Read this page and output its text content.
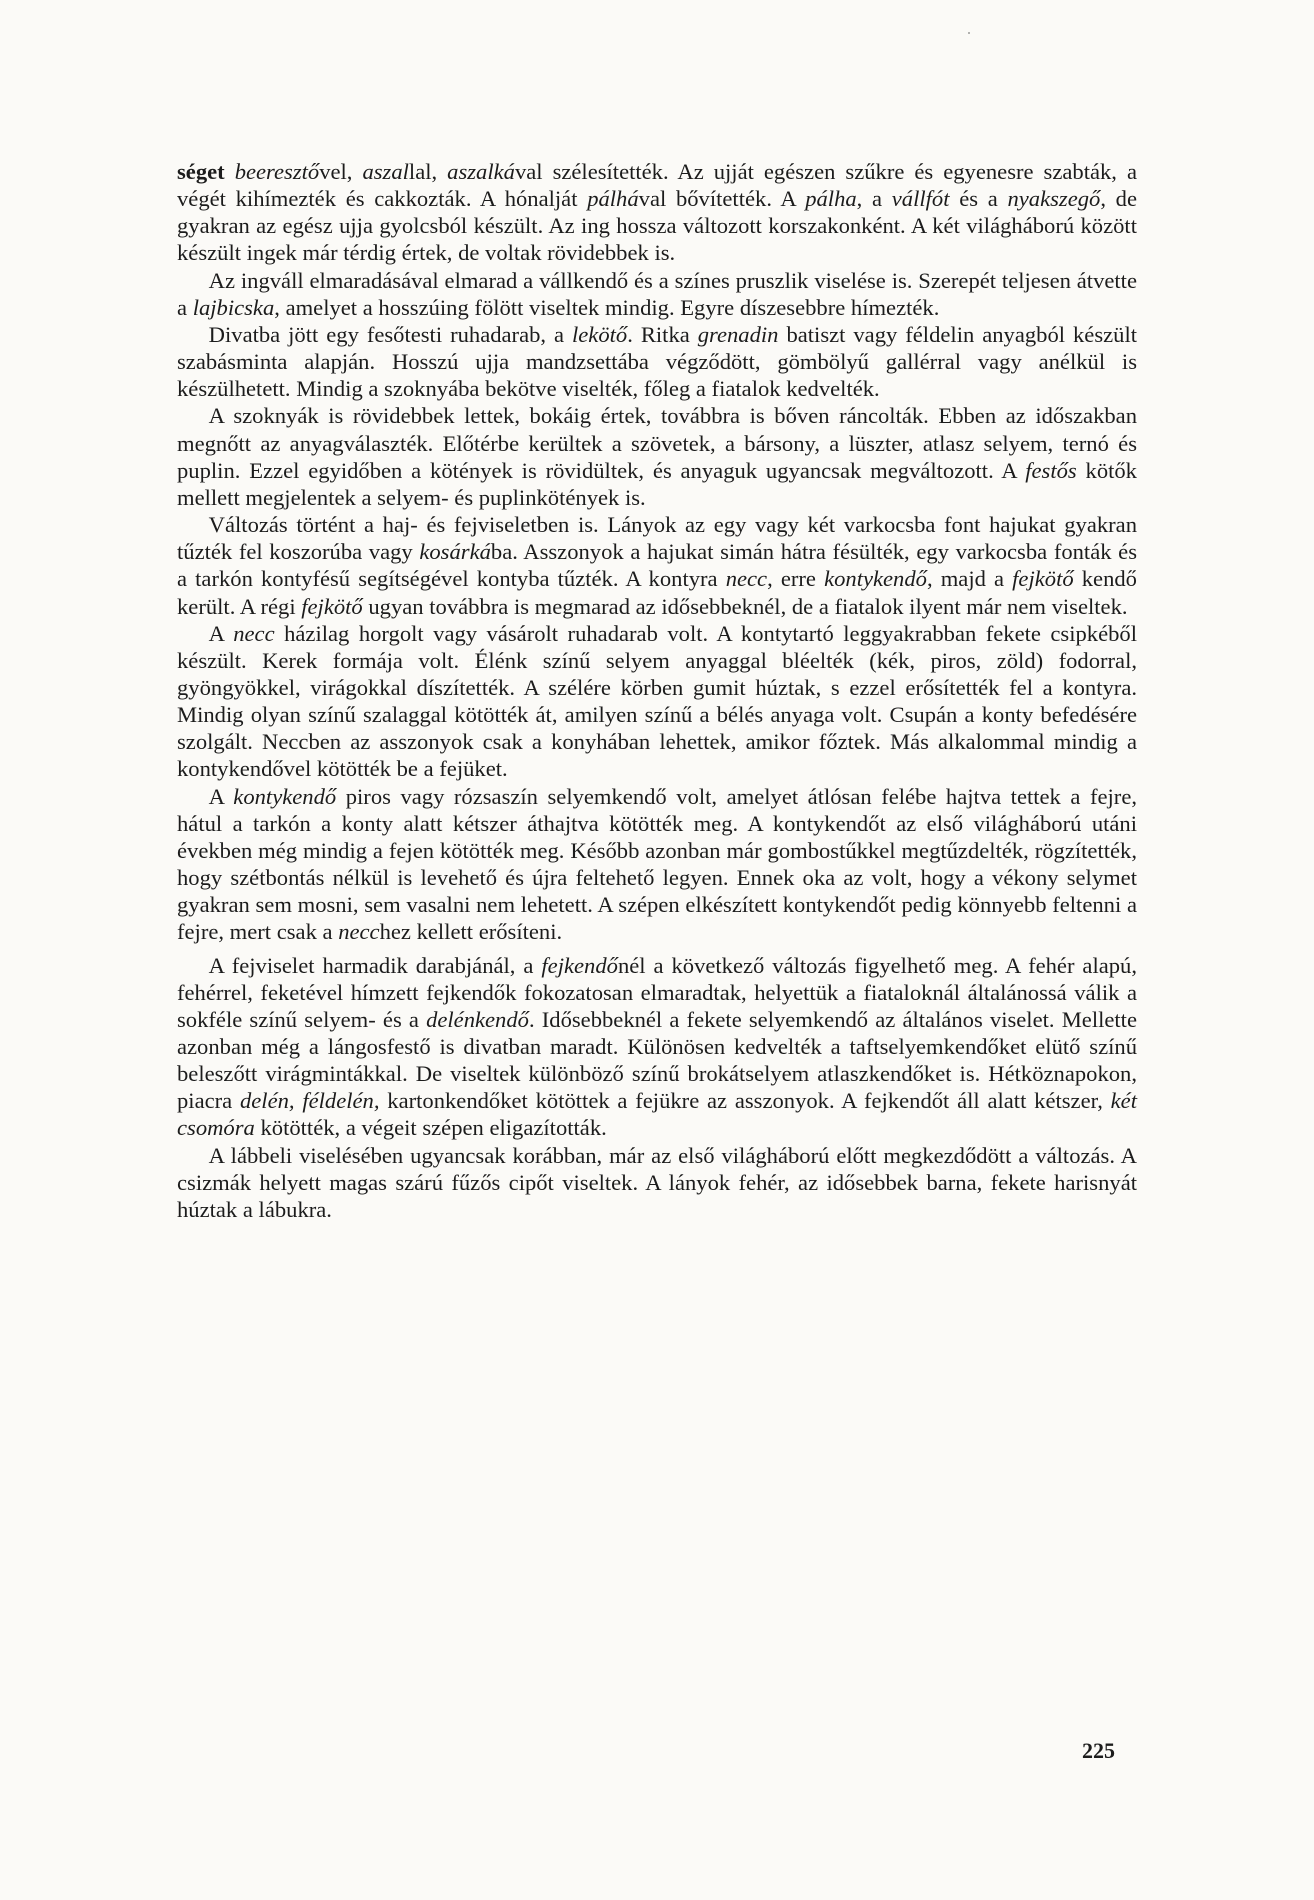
séget beeresztővel, aszallal, aszalkával szélesítették. Az ujját egészen szűkre és egyenesre szabták, a végét kihímezték és cakkozták. A hónalját pálhával bővítették. A pálha, a vállfót és a nyakszegő, de gyakran az egész ujja gyolcsból készült. Az ing hossza változott korszakonként. A két világháború között készült ingek már térdig értek, de voltak rövidebbek is.

Az ingváll elmaradásával elmarad a vállkendő és a színes pruszlik viselése is. Szerepét teljesen átvette a lajbicska, amelyet a hosszúing fölött viseltek mindig. Egyre díszesebbre hímezték.

Divatba jött egy fesőtesti ruhadarab, a lekötő. Ritka grenadin batiszt vagy féldelin anyagból készült szabásminta alapján. Hosszú ujja mandzsettába végződött, gömbölyű gallérral vagy anélkül is készülhetett. Mindig a szoknyába bekötve viselték, főleg a fiatalok kedvelték.

A szoknyák is rövidebbek lettek, bokáig értek, továbbra is bőven ráncolták. Ebben az időszakban megnőtt az anyagválaszték. Előtérbe kerültek a szövetek, a bársony, a lüszter, atlasz selyem, ternó és puplin. Ezzel egyidőben a kötények is rövidültek, és anyaguk ugyancsak megváltozott. A festős kötők mellett megjelentek a selyem- és puplinkötények is.

Változás történt a haj- és fejviseletben is. Lányok az egy vagy két varkocsba font hajukat gyakran tűzték fel koszorúba vagy kosárkába. Asszonyok a hajukat simán hátra fésülték, egy varkocsba fonták és a tarkón kontyfésű segítségével kontyba tűzték. A kontyra necc, erre kontykendő, majd a fejkötő kendő került. A régi fejkötő ugyan továbbra is megmarad az idősebbeknél, de a fiatalok ilyent már nem viseltek.

A necc házilag horgolt vagy vásárolt ruhadarab volt. A kontytartó leggyakrabban fekete csipkéből készült. Kerek formája volt. Élénk színű selyem anyaggal bléelték (kék, piros, zöld) fodorral, gyöngyökkel, virágokkal díszítették. A szélére körben gumit húztak, s ezzel erősítették fel a kontyra. Mindig olyan színű szalaggal kötötték át, amilyen színű a bélés anyaga volt. Csupán a konty befedésére szolgált. Neccben az asszonyok csak a konyhában lehettek, amikor főztek. Más alkalommal mindig a kontykendővel kötötték be a fejüket.

A kontykendő piros vagy rózsaszín selyemkendő volt, amelyet átlósan felébe hajtva tettek a fejre, hátul a tarkón a konty alatt kétszer áthajtva kötötték meg. A kontykendőt az első világháború utáni években még mindig a fejen kötötték meg. Később azonban már gombostűkkel megtűzdelték, rögzítették, hogy szétbontás nélkül is levehető és újra feltehető legyen. Ennek oka az volt, hogy a vékony selymet gyakran sem mosni, sem vasalni nem lehetett. A szépen elkészített kontykendőt pedig könnyebb feltenni a fejre, mert csak a necchez kellett erősíteni.

A fejviselet harmadik darabjánál, a fejkendőnél a következő változás figyelhető meg. A fehér alapú, fehérrel, feketével hímzett fejkendők fokozatosan elmaradtak, helyettük a fiataloknál általánossá válik a sokféle színű selyem- és a delénkendő. Idősebbeknél a fekete selyemkendő az általános viselet. Mellette azonban még a lángosfestő is divatban maradt. Különösen kedvelték a taftselyemkendőket elütő színű beleszőtt virágmintákkal. De viseltek különböző színű brokátselyem atlaszkendőket is. Hétköznapokon, piacra delén, féldelén, kartonkendőket kötöttek a fejükre az asszonyok. A fejkendőt áll alatt kétszer, két csomóra kötötték, a végeit szépen eligazították.

A lábbeli viselésében ugyancsak korábban, már az első világháború előtt megkezdődött a változás. A csizmák helyett magas szárú fűzős cipőt viseltek. A lányok fehér, az idősebbek barna, fekete harisnyát húztak a lábukra.

225
